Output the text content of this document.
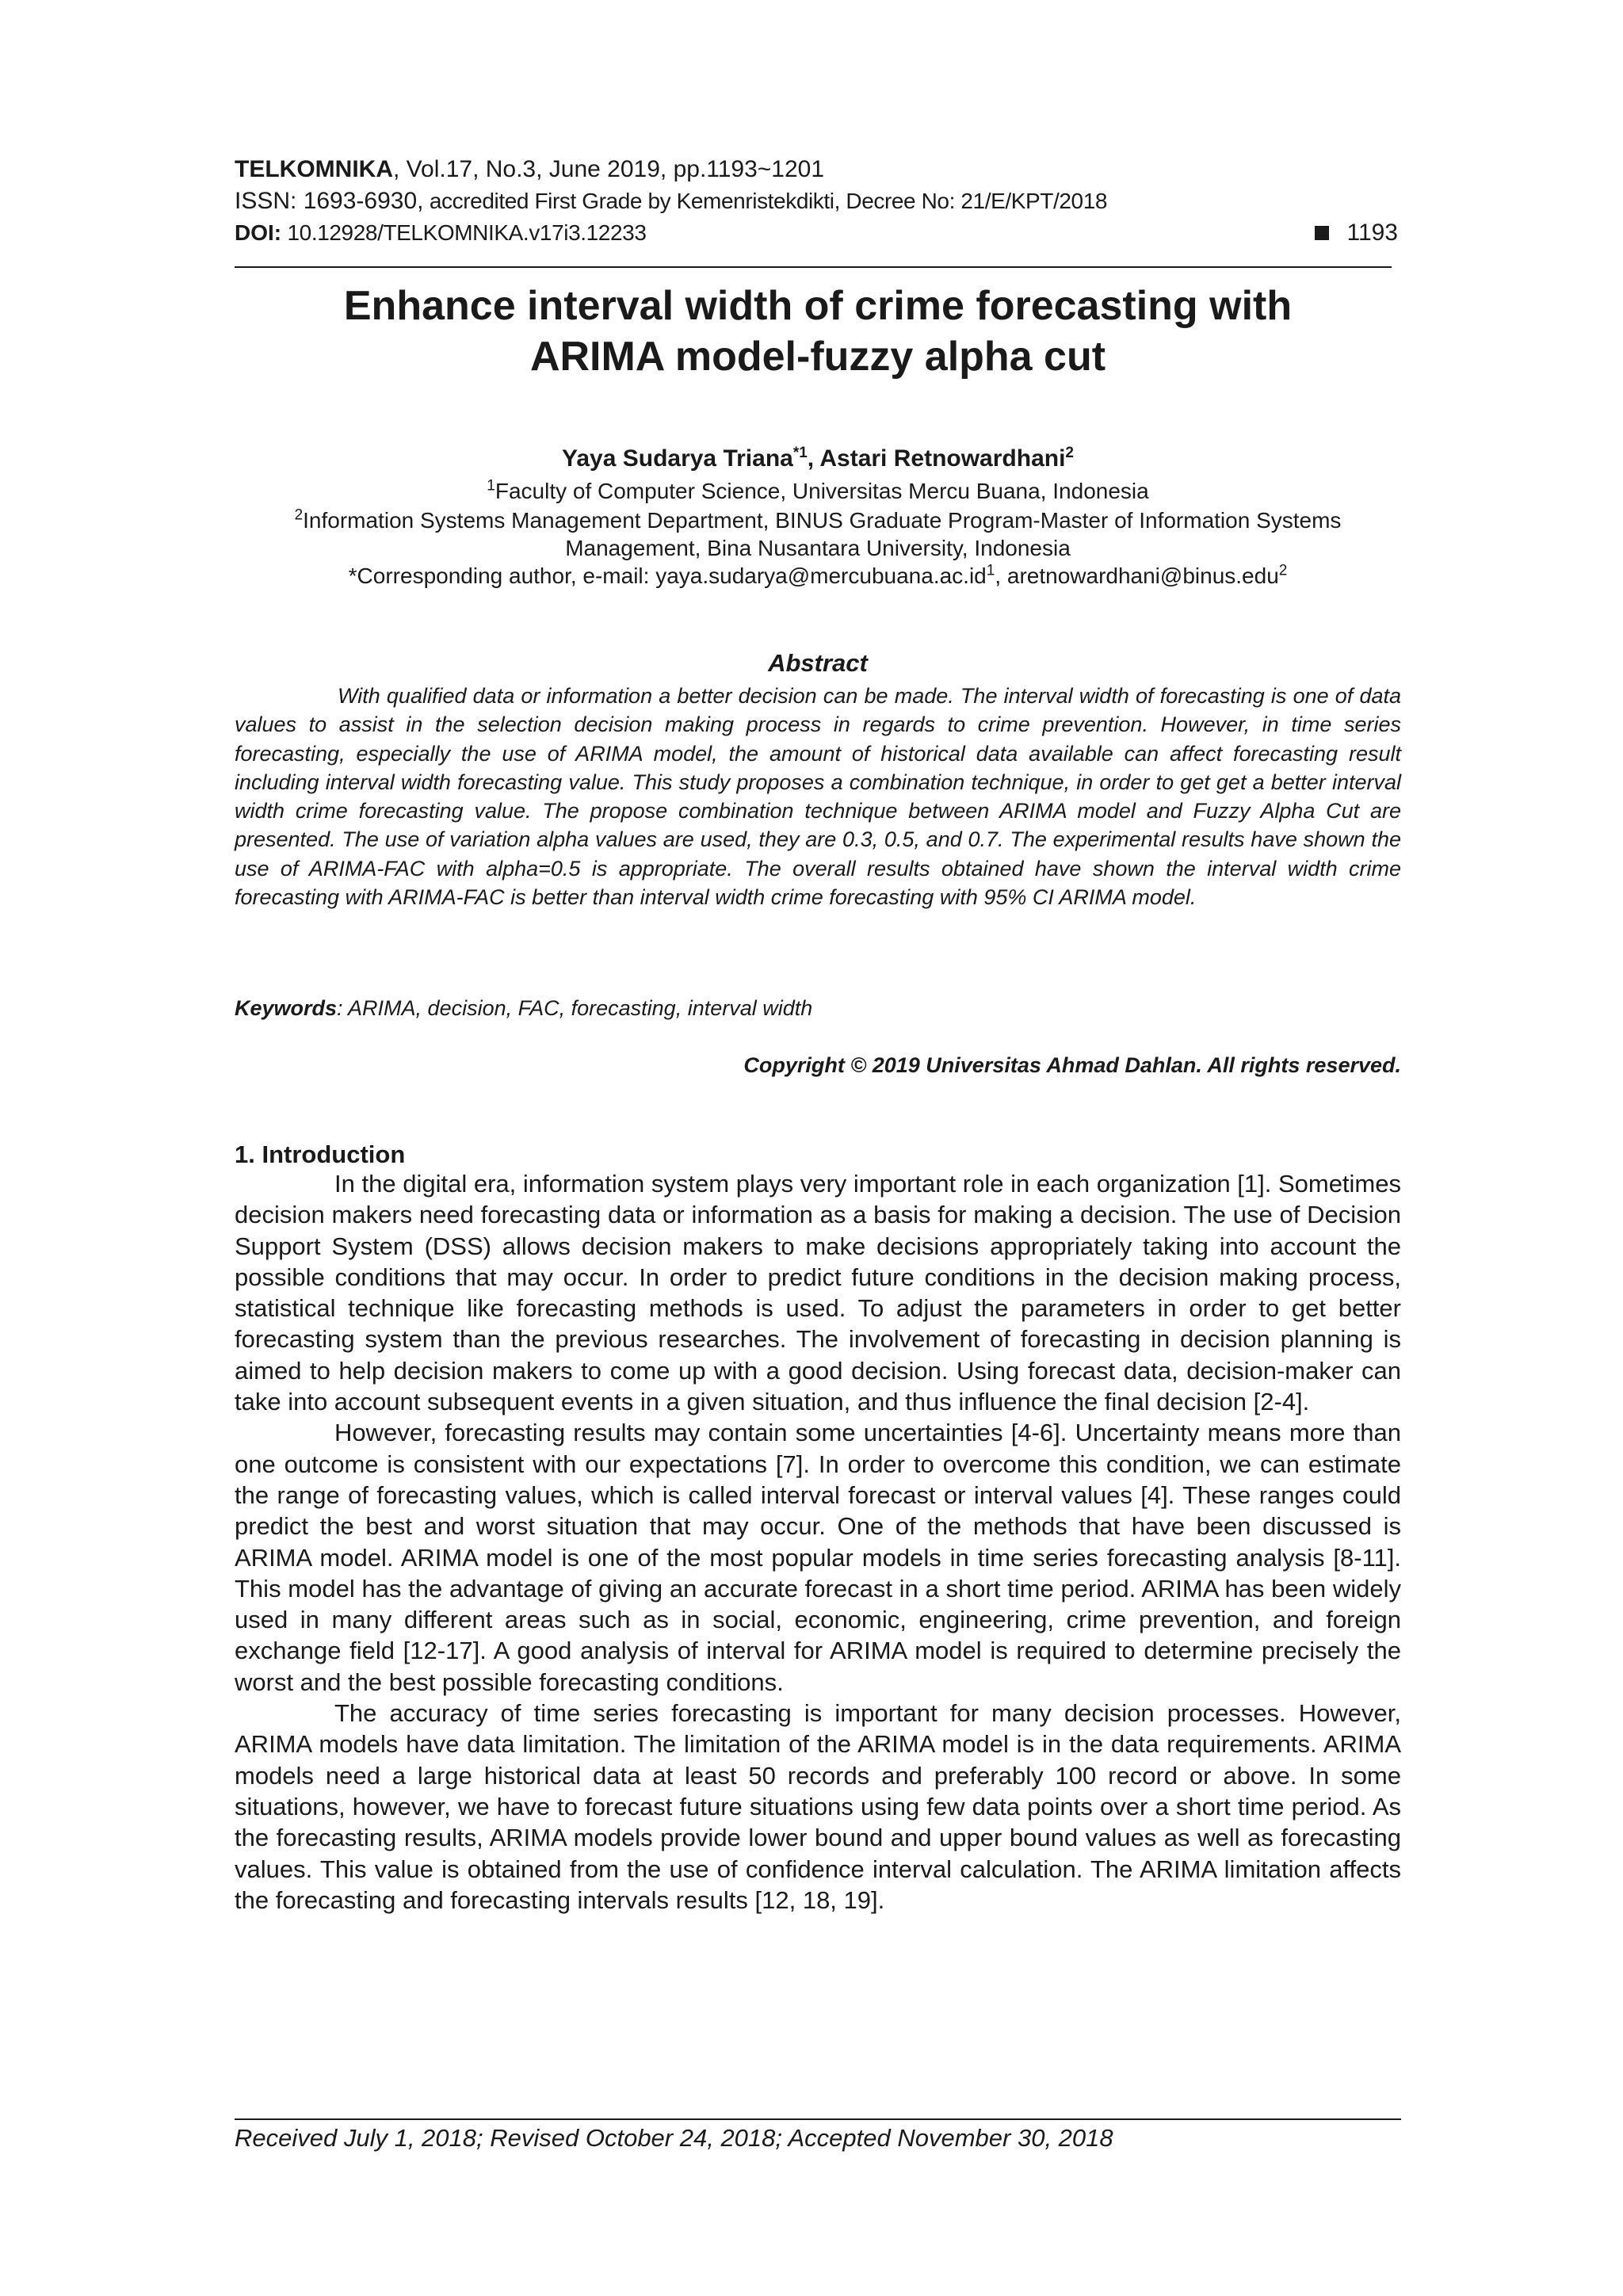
TELKOMNIKA, Vol.17, No.3, June 2019, pp.1193~1201
ISSN: 1693-6930, accredited First Grade by Kemenristekdikti, Decree No: 21/E/KPT/2018
DOI: 10.12928/TELKOMNIKA.v17i3.12233	1193
Enhance interval width of crime forecasting with
ARIMA model-fuzzy alpha cut
Yaya Sudarya Triana$^{*1}$, Astari Retnowardhani$^2$
$^1$Faculty of Computer Science, Universitas Mercu Buana, Indonesia
$^2$Information Systems Management Department, BINUS Graduate Program-Master of Information Systems
Management, Bina Nusantara University, Indonesia
*Corresponding author, e-mail: $yaya.sudarya@mercubuana.ac.id^1$, aretnowardhani@binus.edu$^2$
Abstract
With qualified data or information a better decision can be made. The interval width of forecasting is one of data values to assist in the selection decision making process in regards to crime prevention. However, in time series forecasting, especially the use of ARIMA model, the amount of historical data available can affect forecasting result including interval width forecasting value. This study proposes a combination technique, in order to get get a better interval width crime forecasting value. The propose combination technique between ARIMA model and Fuzzy Alpha Cut are presented. The use of variation alpha values are used, they are 0.3, 0.5, and 0.7. The experimental results have shown the use of ARIMA-FAC with alpha=0.5 is appropriate. The overall results obtained have shown the interval width crime forecasting with ARIMA-FAC is better than interval width crime forecasting with 95% CI ARIMA model.
Keywords: ARIMA, decision, FAC, forecasting, interval width
Copyright © 2019 Universitas Ahmad Dahlan. All rights reserved.
1. Introduction

In the digital era, information system plays very important role in each organization [1]. Sometimes decision makers need forecasting data or information as a basis for making a decision. The use of Decision Support System (DSS) allows decision makers to make decisions appropriately taking into account the possible conditions that may occur. In order to predict future conditions in the decision making process, statistical technique like forecasting methods is used. To adjust the parameters in order to get better forecasting system than the previous researches. The involvement of forecasting in decision planning is aimed to help decision makers to come up with a good decision. Using forecast data, decision-maker can take into account subsequent events in a given situation, and thus influence the final decision [2-4].

However, forecasting results may contain some uncertainties [4-6]. Uncertainty means more than one outcome is consistent with our expectations [7]. In order to overcome this condition, we can estimate the range of forecasting values, which is called interval forecast or interval values [4]. These ranges could predict the best and worst situation that may occur. One of the methods that have been discussed is ARIMA model. ARIMA model is one of the most popular models in time series forecasting analysis [8-11]. This model has the advantage of giving an accurate forecast in a short time period. ARIMA has been widely used in many different areas such as in social, economic, engineering, crime prevention, and foreign exchange field [12-17]. A good analysis of interval for ARIMA model is required to determine precisely the worst and the best possible forecasting conditions.

The accuracy of time series forecasting is important for many decision processes. However, ARIMA models have data limitation. The limitation of the ARIMA model is in the data requirements. ARIMA models need a large historical data at least 50 records and preferably 100 record or above. In some situations, however, we have to forecast future situations using few data points over a short time period. As the forecasting results, ARIMA models provide lower bound and upper bound values as well as forecasting values. This value is obtained from the use of confidence interval calculation. The ARIMA limitation affects the forecasting and forecasting intervals results [12, 18, 19].

Received July 1, 2018; Revised October 24, 2018; Accepted November 30, 2018
